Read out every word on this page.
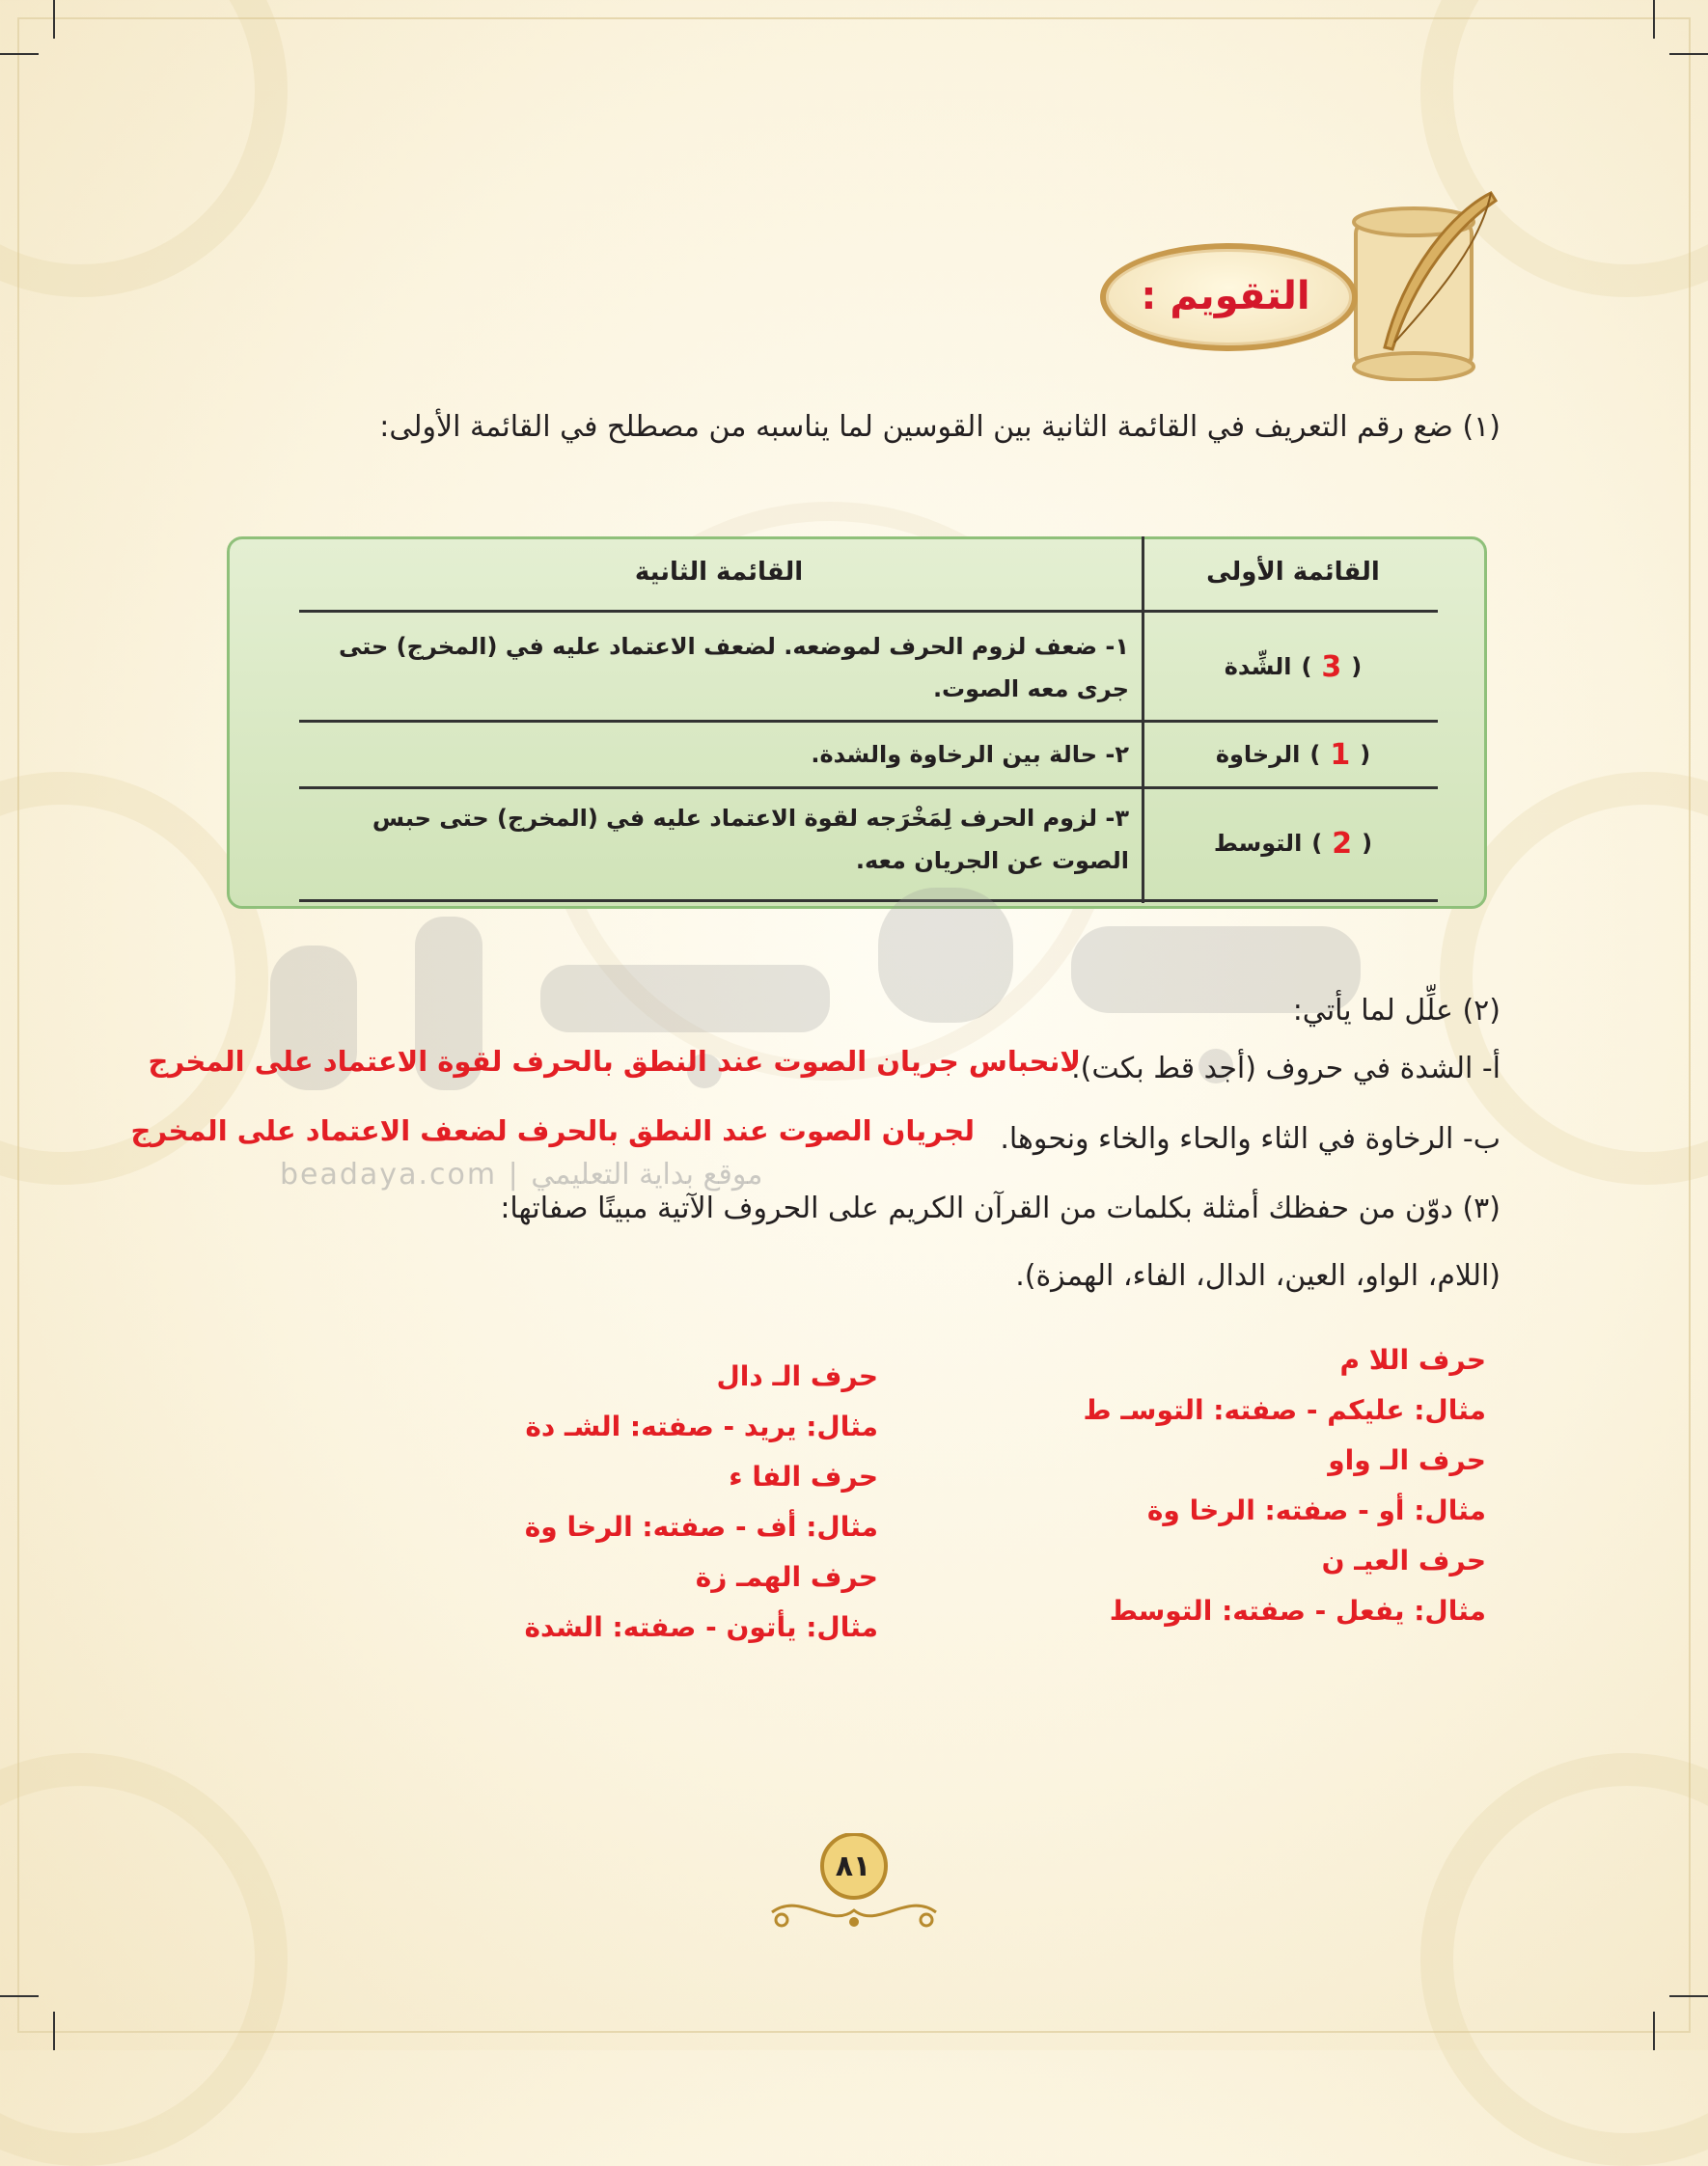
التقويم :
(١) ضع رقم التعريف في القائمة الثانية بين القوسين لما يناسبه من مصطلح في القائمة الأولى:
القائمة الأولى
القائمة الثانية
(
3
)
الشِّدة
١- ضعف لزوم الحرف لموضعه. لضعف الاعتماد عليه في (المخرج) حتى جرى معه الصوت.
(
1
)
الرخاوة
٢- حالة بين الرخاوة والشدة.
(
2
)
التوسط
٣- لزوم الحرف لِمَخْرَجه لقوة الاعتماد عليه في (المخرج) حتى حبس الصوت عن الجريان معه.
beadaya.com | موقع بداية التعليمي
(٢) علِّل لما يأتي:
أ- الشدة في حروف (أجد قط بكت).
لانحباس جريان الصوت عند النطق بالحرف لقوة الاعتماد على المخرج
ب- الرخاوة في الثاء والحاء والخاء ونحوها.
لجريان الصوت عند النطق بالحرف لضعف الاعتماد على المخرج
(٣) دوّن من حفظك أمثلة بكلمات من القرآن الكريم على الحروف الآتية مبينًا صفاتها:
(اللام، الواو، العين، الدال، الفاء، الهمزة).
حرف اللا م
مثال: عليكم - صفته: التوسـ ط
حرف الـ واو
مثال: أو - صفته: الرخا وة
حرف العيـ ن
مثال: يفعل - صفته: التوسط
حرف الـ دال
مثال: يريد - صفته: الشـ دة
حرف الفا ء
مثال: أف - صفته: الرخا وة
حرف الهمـ زة
مثال: يأتون - صفته: الشدة
٨١
